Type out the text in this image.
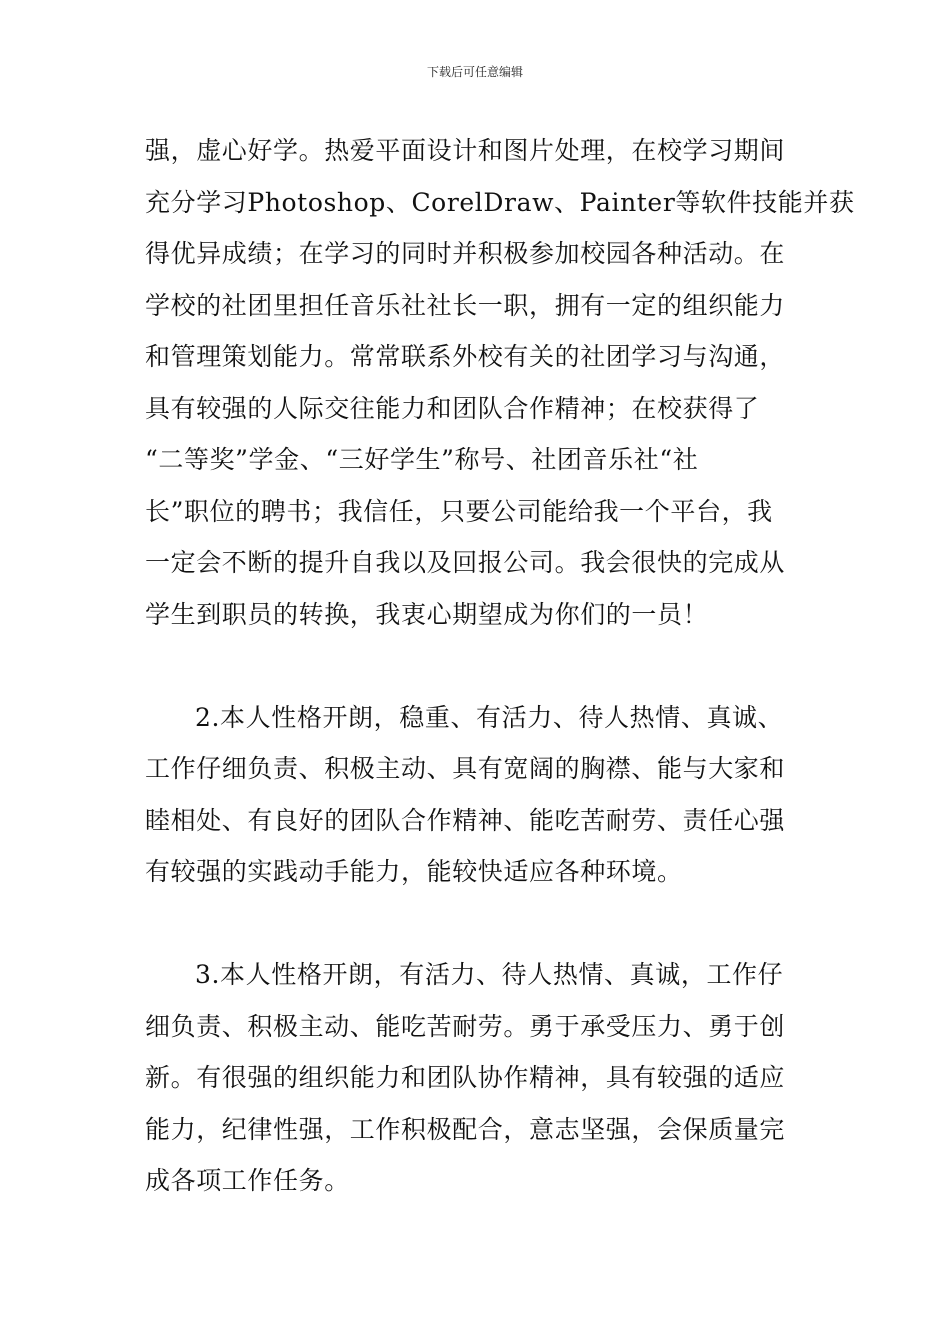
下载后可任意编辑
强，虚心好学。热爱平面设计和图片处理，在校学习期间
充分学习Photoshop、CorelDraw、Painter等软件技能并获
得优异成绩；在学习的同时并积极参加校园各种活动。在
学校的社团里担任音乐社社长一职，拥有一定的组织能力
和管理策划能力。常常联系外校有关的社团学习与沟通，
具有较强的人际交往能力和团队合作精神；在校获得了
“二等奖”学金、“三好学生”称号、社团音乐社“社
长”职位的聘书；我信任，只要公司能给我一个平台，我
一定会不断的提升自我以及回报公司。我会很快的完成从
学生到职员的转换，我衷心期望成为你们的一员！
2.本人性格开朗，稳重、有活力、待人热情、真诚、
工作仔细负责、积极主动、具有宽阔的胸襟、能与大家和
睦相处、有良好的团队合作精神、能吃苦耐劳、责任心强
有较强的实践动手能力，能较快适应各种环境。
3.本人性格开朗，有活力、待人热情、真诚，工作仔
细负责、积极主动、能吃苦耐劳。勇于承受压力、勇于创
新。有很强的组织能力和团队协作精神，具有较强的适应
能力，纪律性强，工作积极配合，意志坚强，会保质量完
成各项工作任务。
